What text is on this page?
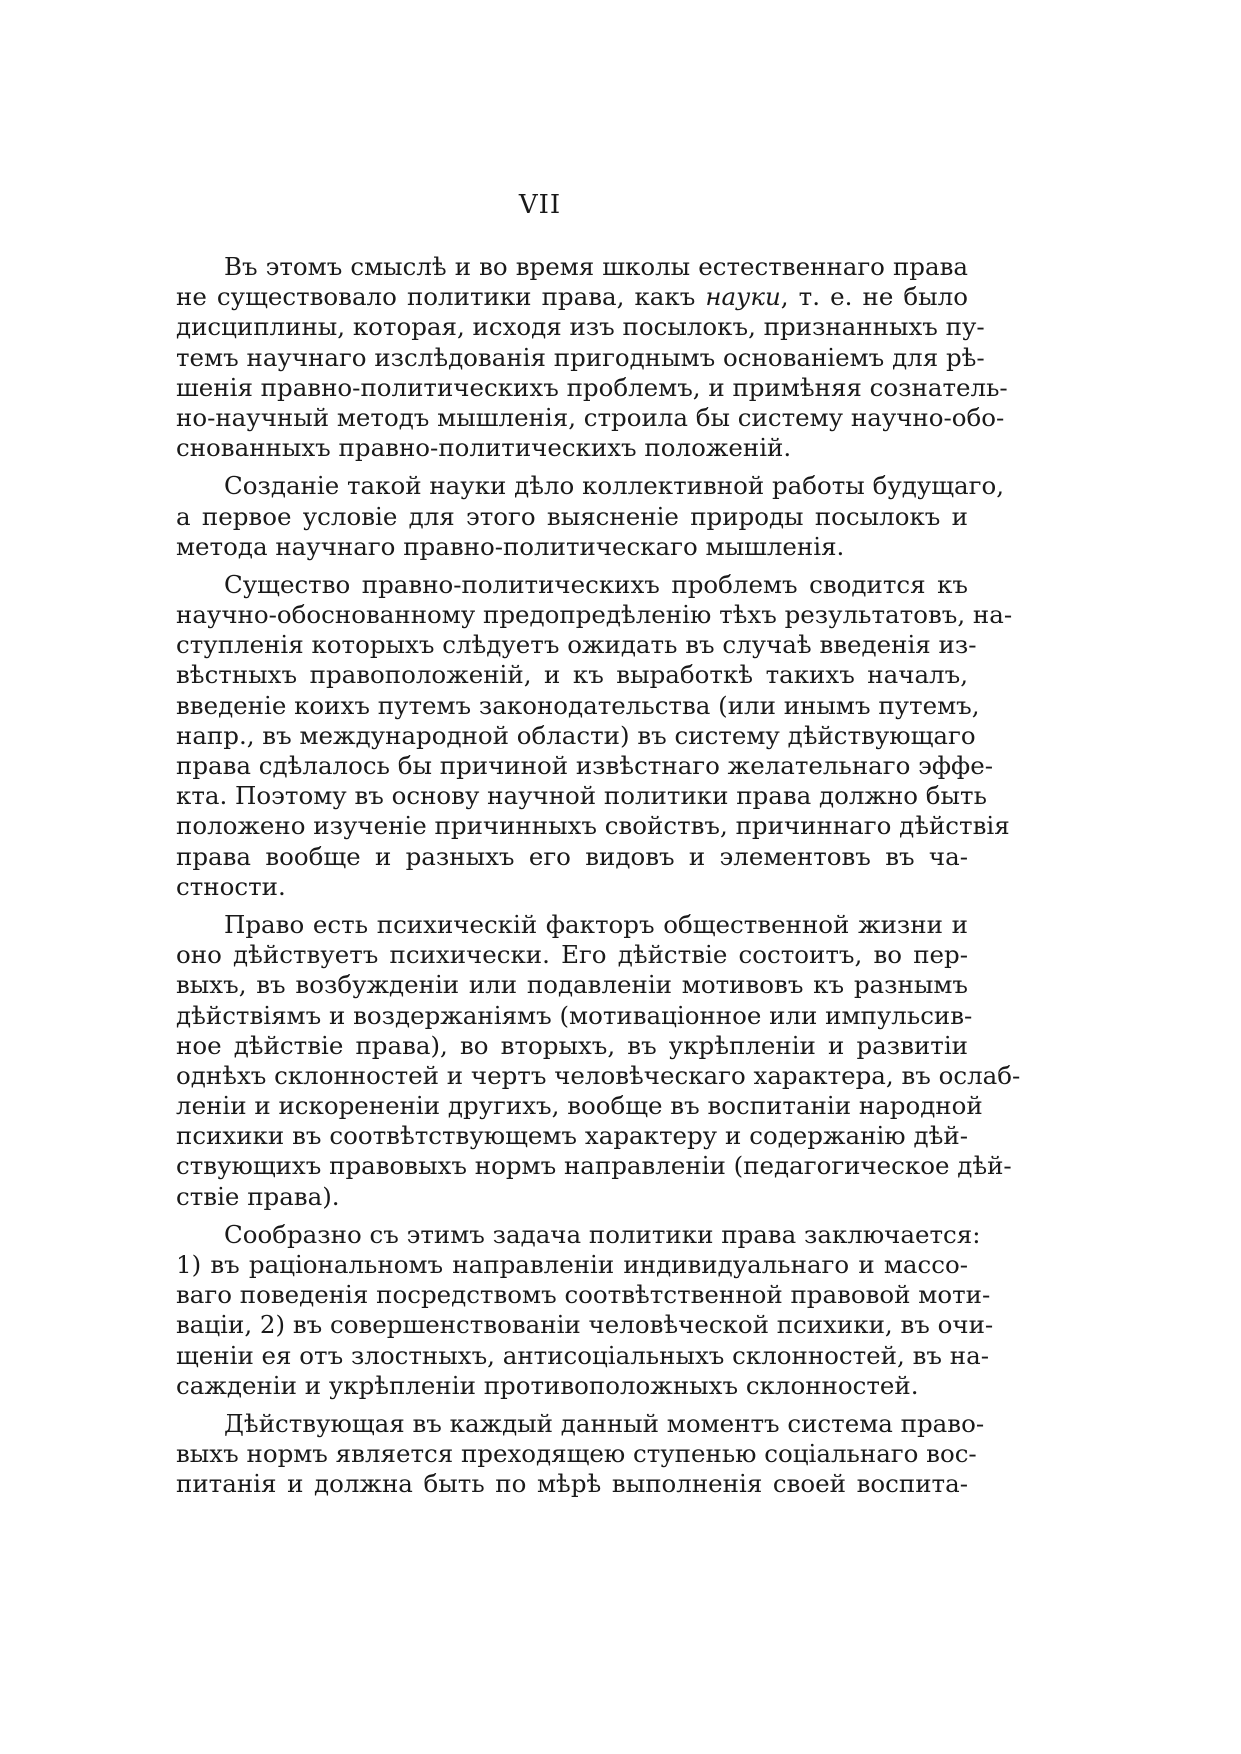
VII

Въ этомъ смыслѣ и во время школы естественнаго права
не существовало политики права, какъ науки, т. е. не было
дисциплины, которая, исходя изъ посылокъ, признанныхъ пу-
темъ научнаго изслѣдованія пригоднымъ основаніемъ для рѣ-
шенія правно-политическихъ проблемъ, и примѣняя сознатель-
но-научный методъ мышленія, строила бы систему научно-обо-
снованныхъ правно-политическихъ положеній.

Созданіе такой науки дѣло коллективной работы будущаго,
а первое условіе для этого выясненіе природы посылокъ и
метода научнаго правно-политическаго мышленія.

Существо правно-политическихъ проблемъ сводится къ
научно-обоснованному предопредѣленію тѣхъ результатовъ, на-
ступленія которыхъ слѣдуетъ ожидать въ случаѣ введенія из-
вѣстныхъ правоположеній, и къ выработкѣ такихъ началъ,
введеніе коихъ путемъ законодательства (или инымъ путемъ,
напр., въ международной области) въ систему дѣйствующаго
права сдѣлалось бы причиной извѣстнаго желательнаго эффе-
кта. Поэтому въ основу научной политики права должно быть
положено изученіе причинныхъ свойствъ, причиннаго дѣйствія
права вообще и разныхъ его видовъ и элементовъ въ ча-
стности.

Право есть психическій факторъ общественной жизни и
оно дѣйствуетъ психически. Его дѣйствіе состоитъ, во пер-
выхъ, въ возбужденіи или подавленіи мотивовъ къ разнымъ
дѣйствіямъ и воздержаніямъ (мотиваціонное или импульсив-
ное дѣйствіе права), во вторыхъ, въ укрѣпленіи и развитіи
однѣхъ склонностей и чертъ человѣческаго характера, въ ослаб-
леніи и искорененіи другихъ, вообще въ воспитаніи народной
психики въ соотвѣтствующемъ характеру и содержанію дѣй-
ствующихъ правовыхъ нормъ направленіи (педагогическое дѣй-
ствіе права).

Сообразно съ этимъ задача политики права заключается:
1) въ раціональномъ направленіи индивидуальнаго и массо-
ваго поведенія посредствомъ соотвѣтственной правовой моти-
ваціи, 2) въ совершенствованіи человѣческой психики, въ очи-
щеніи ея отъ злостныхъ, антисоціальныхъ склонностей, въ на-
сажденіи и укрѣпленіи противоположныхъ склонностей.

Дѣйствующая въ каждый данный моментъ система право-
выхъ нормъ является преходящею ступенью соціальнаго вос-
питанія и должна быть по мѣрѣ выполненія своей воспита-
